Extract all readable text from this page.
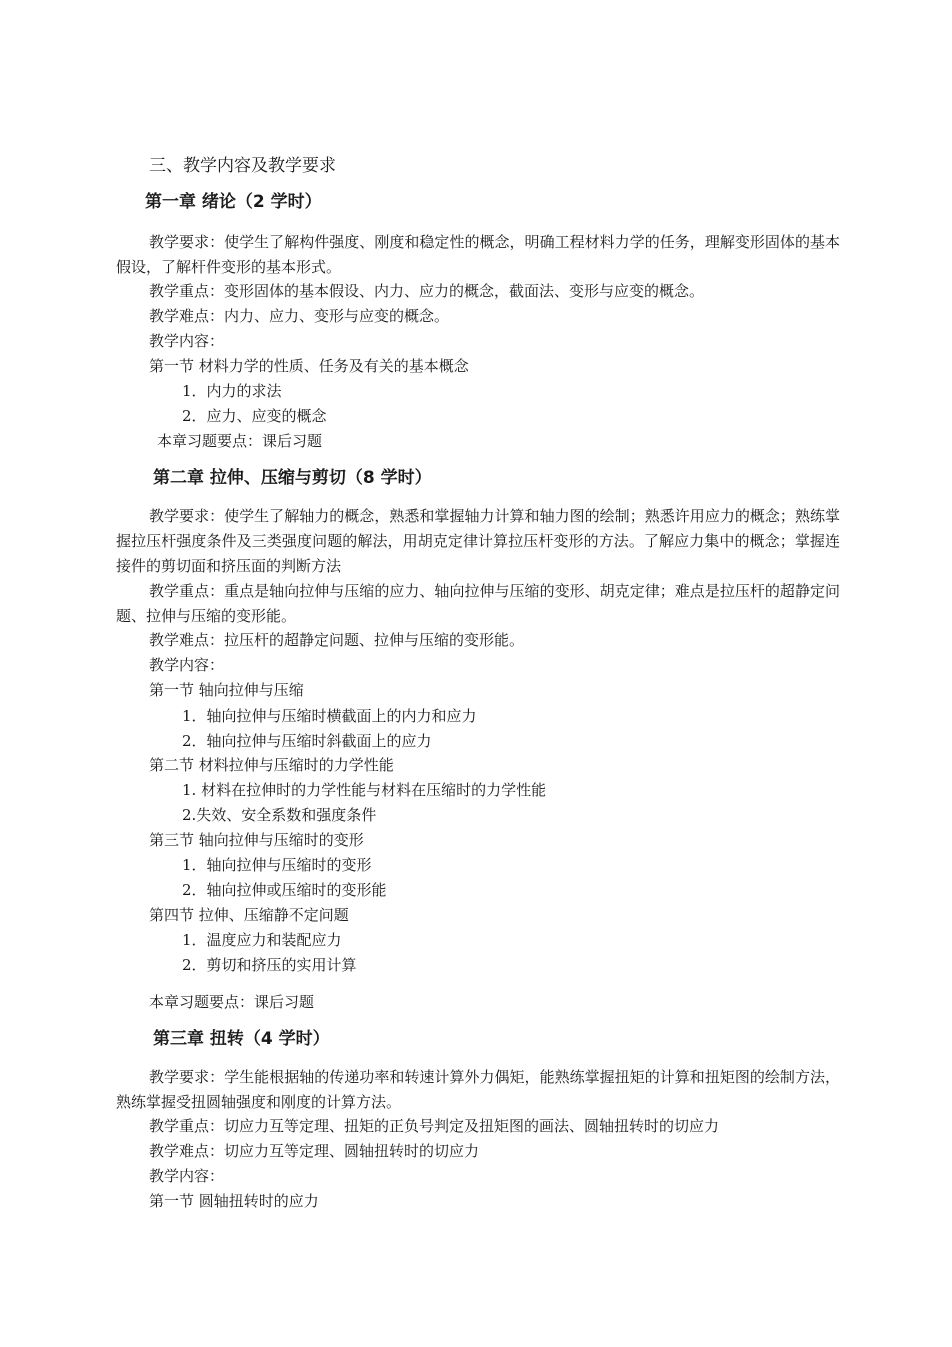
三、教学内容及教学要求
第一章 绪论（2 学时）
教学要求：使学生了解构件强度、刚度和稳定性的概念，明确工程材料力学的任务，理解变形固体的基本假设，了解杆件变形的基本形式。
教学重点：变形固体的基本假设、内力、应力的概念，截面法、变形与应变的概念。
教学难点：内力、应力、变形与应变的概念。
教学内容：
第一节 材料力学的性质、任务及有关的基本概念
1．内力的求法
2．应力、应变的概念
本章习题要点：课后习题
第二章 拉伸、压缩与剪切（8 学时）
教学要求：使学生了解轴力的概念，熟悉和掌握轴力计算和轴力图的绘制；熟悉许用应力的概念；熟练掌握拉压杆强度条件及三类强度问题的解法，用胡克定律计算拉压杆变形的方法。了解应力集中的概念；掌握连接件的剪切面和挤压面的判断方法
教学重点：重点是轴向拉伸与压缩的应力、轴向拉伸与压缩的变形、胡克定律；难点是拉压杆的超静定问题、拉伸与压缩的变形能。
教学难点：拉压杆的超静定问题、拉伸与压缩的变形能。
教学内容：
第一节 轴向拉伸与压缩
1．轴向拉伸与压缩时横截面上的内力和应力
2．轴向拉伸与压缩时斜截面上的应力
第二节 材料拉伸与压缩时的力学性能
1. 材料在拉伸时的力学性能与材料在压缩时的力学性能
2.失效、安全系数和强度条件
第三节 轴向拉伸与压缩时的变形
1．轴向拉伸与压缩时的变形
2．轴向拉伸或压缩时的变形能
第四节 拉伸、压缩静不定问题
1．温度应力和装配应力
2．剪切和挤压的实用计算
本章习题要点：课后习题
第三章 扭转（4 学时）
教学要求：学生能根据轴的传递功率和转速计算外力偶矩，能熟练掌握扭矩的计算和扭矩图的绘制方法，熟练掌握受扭圆轴强度和刚度的计算方法。
教学重点：切应力互等定理、扭矩的正负号判定及扭矩图的画法、圆轴扭转时的切应力
教学难点：切应力互等定理、圆轴扭转时的切应力
教学内容：
第一节 圆轴扭转时的应力
